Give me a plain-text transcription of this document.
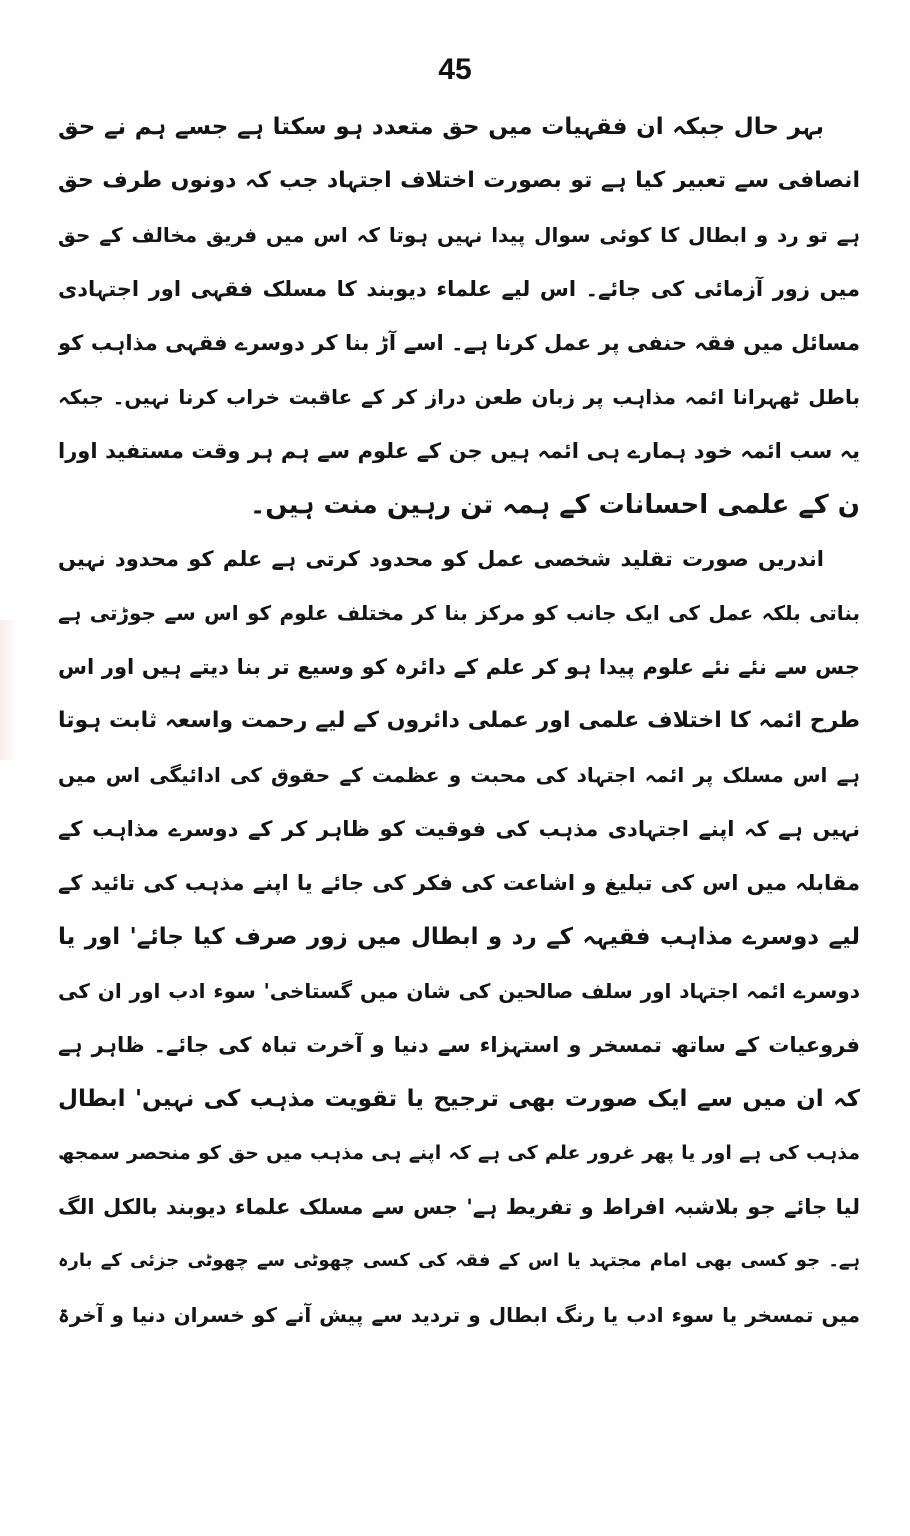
45
بہر حال جبکہ ان فقہیات میں حق متعدد ہو سکتا ہے جسے ہم نے حق
انصافی سے تعبیر کیا ہے تو بصورت اختلاف اجتہاد جب کہ دونوں طرف حق
ہے تو رد و ابطال کا کوئی سوال پیدا نہیں ہوتا کہ اس میں فریق مخالف کے حق
میں زور آزمائی کی جائے۔ اس لیے علماء دیوبند کا مسلک فقہی اور اجتہادی
مسائل میں فقہ حنفی پر عمل کرنا ہے۔ اسے آڑ بنا کر دوسرے فقہی مذاہب کو
باطل ٹھہرانا ائمہ مذاہب پر زبان طعن دراز کر کے عاقبت خراب کرنا نہیں۔ جبکہ
یہ سب ائمہ خود ہمارے ہی ائمہ ہیں جن کے علوم سے ہم ہر وقت مستفید اورا
ن کے علمی احسانات کے ہمہ تن رہین منت ہیں۔
اندریں صورت تقلید شخصی عمل کو محدود کرتی ہے علم کو محدود نہیں
بناتی بلکہ عمل کی ایک جانب کو مرکز بنا کر مختلف علوم کو اس سے جوڑتی ہے
جس سے نئے نئے علوم پیدا ہو کر علم کے دائرہ کو وسیع تر بنا دیتے ہیں اور اس
طرح ائمہ کا اختلاف علمی اور عملی دائروں کے لیے رحمت واسعہ ثابت ہوتا
ہے اس مسلک پر ائمہ اجتہاد کی محبت و عظمت کے حقوق کی ادائیگی اس میں
نہیں ہے کہ اپنے اجتہادی مذہب کی فوقیت کو ظاہر کر کے دوسرے مذاہب کے
مقابلہ میں اس کی تبلیغ و اشاعت کی فکر کی جائے یا اپنے مذہب کی تائید کے
لیے دوسرے مذاہب فقیہہ کے رد و ابطال میں زور صرف کیا جائے' اور یا
دوسرے ائمہ اجتہاد اور سلف صالحین کی شان میں گستاخی' سوء ادب اور ان کی
فروعیات کے ساتھ تمسخر و استہزاء سے دنیا و آخرت تباہ کی جائے۔ ظاہر ہے
کہ ان میں سے ایک صورت بھی ترجیح یا تقویت مذہب کی نہیں' ابطال
مذہب کی ہے اور یا پھر غرور علم کی ہے کہ اپنے ہی مذہب میں حق کو منحصر سمجھ
لیا جائے جو بلاشبہ افراط و تفریط ہے' جس سے مسلک علماء دیوبند بالکل الگ
ہے۔ جو کسی بھی امام مجتہد یا اس کے فقہ کی کسی چھوٹی سے چھوٹی جزئی کے بارہ
میں تمسخر یا سوء ادب یا رنگ ابطال و تردید سے پیش آنے کو خسران دنیا و آخرۃ
